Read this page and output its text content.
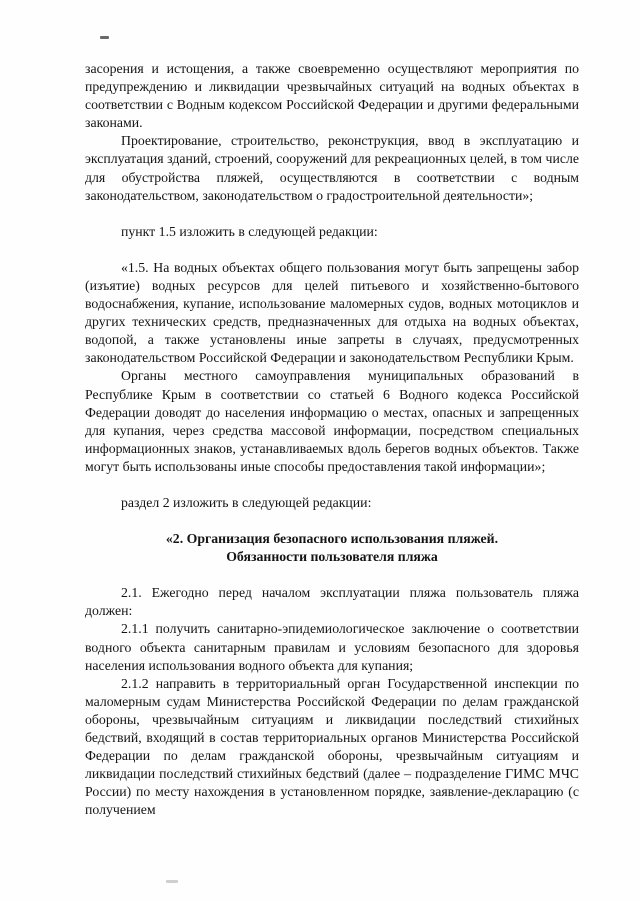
засорения и истощения, а также своевременно осуществляют мероприятия по предупреждению и ликвидации чрезвычайных ситуаций на водных объектах в соответствии с Водным кодексом Российской Федерации и другими федеральными законами.

Проектирование, строительство, реконструкция, ввод в эксплуатацию и эксплуатация зданий, строений, сооружений для рекреационных целей, в том числе для обустройства пляжей, осуществляются в соответствии с водным законодательством, законодательством о градостроительной деятельности»;

пункт 1.5 изложить в следующей редакции:

«1.5. На водных объектах общего пользования могут быть запрещены забор (изъятие) водных ресурсов для целей питьевого и хозяйственно-бытового водоснабжения, купание, использование маломерных судов, водных мотоциклов и других технических средств, предназначенных для отдыха на водных объектах, водопой, а также установлены иные запреты в случаях, предусмотренных законодательством Российской Федерации и законодательством Республики Крым.

Органы местного самоуправления муниципальных образований в Республике Крым в соответствии со статьей 6 Водного кодекса Российской Федерации доводят до населения информацию о местах, опасных и запрещенных для купания, через средства массовой информации, посредством специальных информационных знаков, устанавливаемых вдоль берегов водных объектов. Также могут быть использованы иные способы предоставления такой информации»;

раздел 2 изложить в следующей редакции:

«2. Организация безопасного использования пляжей.
Обязанности пользователя пляжа

2.1. Ежегодно перед началом эксплуатации пляжа пользователь пляжа должен:

2.1.1 получить санитарно-эпидемиологическое заключение о соответствии водного объекта санитарным правилам и условиям безопасного для здоровья населения использования водного объекта для купания;

2.1.2 направить в территориальный орган Государственной инспекции по маломерным судам Министерства Российской Федерации по делам гражданской обороны, чрезвычайным ситуациям и ликвидации последствий стихийных бедствий, входящий в состав территориальных органов Министерства Российской Федерации по делам гражданской обороны, чрезвычайным ситуациям и ликвидации последствий стихийных бедствий (далее – подразделение ГИМС МЧС России) по месту нахождения в установленном порядке, заявление-декларацию (с получением
